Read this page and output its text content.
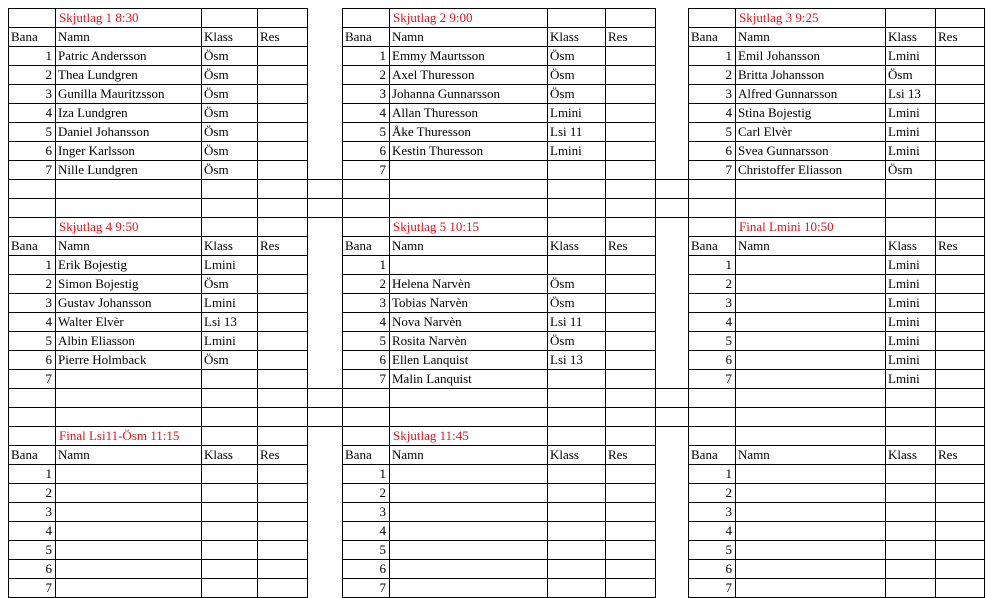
	Skjutlag 1 8:30					Skjutlag 2 9:00					Skjutlag 3 9:25		
Bana	Namn	Klass	Res		Bana	Namn	Klass	Res		Bana	Namn	Klass	Res
1	Patric Andersson	Ösm			1	Emmy Maurtsson	Ösm			1	Emil Johansson	Lmini	
2	Thea Lundgren	Ösm			2	Axel Thuresson	Ösm			2	Britta Johansson	Ösm	
3	Gunilla Mauritzsson	Ösm			3	Johanna Gunnarsson	Ösm			3	Alfred Gunnarsson	Lsi 13	
4	Iza Lundgren	Ösm			4	Allan Thuresson	Lmini			4	Stina Bojestig	Lmini	
5	Daniel Johansson	Ösm			5	Åke Thuresson	Lsi 11			5	Carl Elvèr	Lmini	
6	Inger Karlsson	Ösm			6	Kestin Thuresson	Lmini			6	Svea Gunnarsson	Lmini	
7	Nille Lundgren	Ösm			7					7	Christoffer Eliasson	Ösm	

	Skjutlag 4 9:50					Skjutlag 5 10:15					Final Lmini 10:50		
Bana	Namn	Klass	Res		Bana	Namn	Klass	Res		Bana	Namn	Klass	Res
1	Erik Bojestig	Lmini			1					1		Lmini	
2	Simon Bojestig	Ösm			2	Helena Narvèn	Ösm			2		Lmini	
3	Gustav Johansson	Lmini			3	Tobias Narvèn	Ösm			3		Lmini	
4	Walter Elvèr	Lsi 13			4	Nova Narvèn	Lsi 11			4		Lmini	
5	Albin Eliasson	Lmini			5	Rosita Narvèn	Ösm			5		Lmini	
6	Pierre Holmback	Ösm			6	Ellen Lanquist	Lsi 13			6		Lmini	
7					7	Malin Lanquist				7		Lmini	

	Final Lsi11-Ösm 11:15					Skjutlag 11:45							
Bana	Namn	Klass	Res		Bana	Namn	Klass	Res		Bana	Namn	Klass	Res
1					1					1			
2					2					2			
3					3					3			
4					4					4			
5					5					5			
6					6					6			
7					7					7			
